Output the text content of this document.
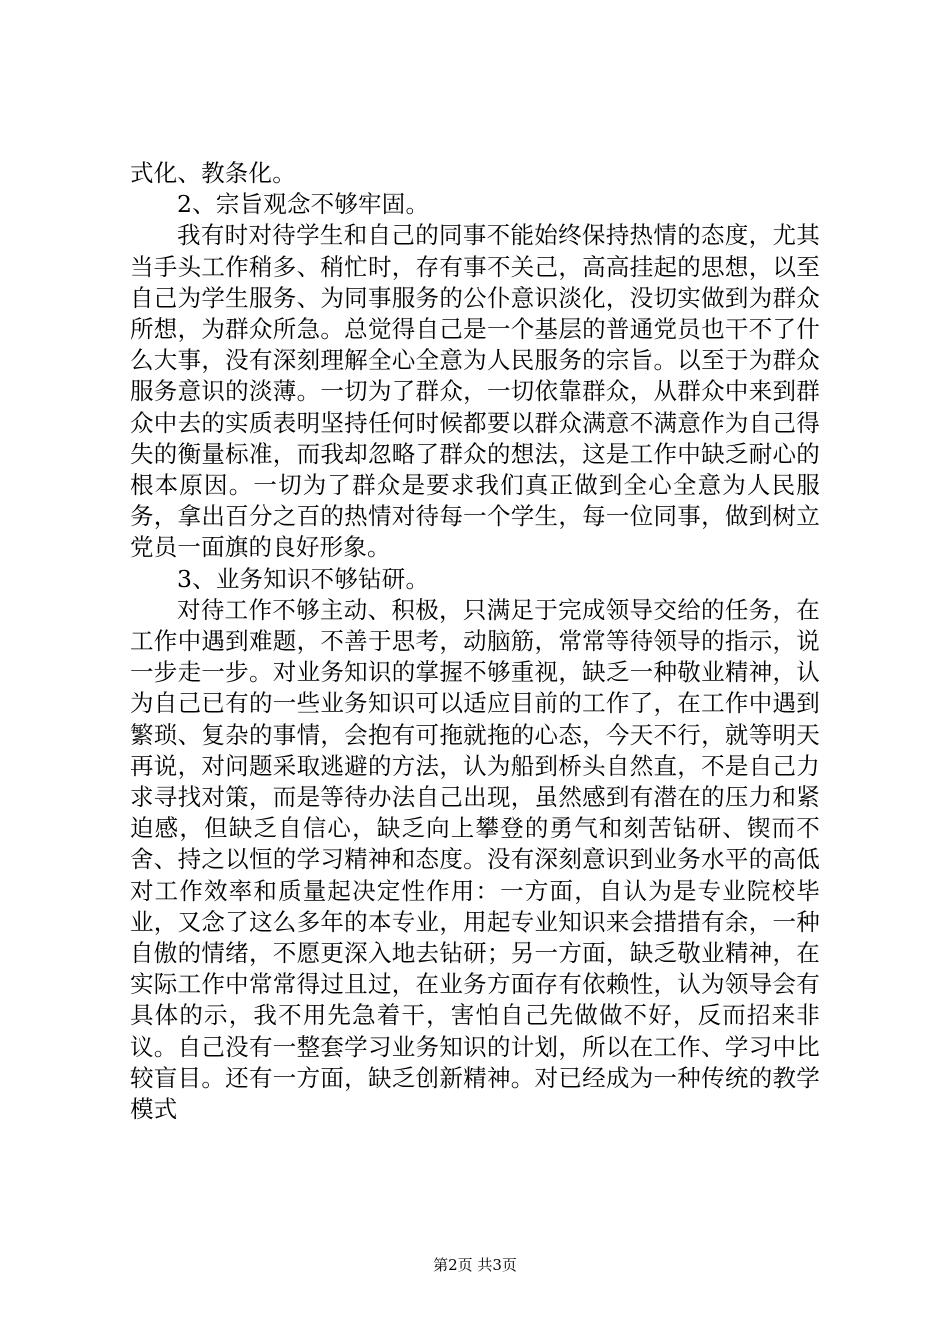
式化、教条化。

2、宗旨观念不够牢固。

我有时对待学生和自己的同事不能始终保持热情的态度，尤其当手头工作稍多、稍忙时，存有事不关己，高高挂起的思想，以至自己为学生服务、为同事服务的公仆意识淡化，没切实做到为群众所想，为群众所急。总觉得自己是一个基层的普通党员也干不了什么大事，没有深刻理解全心全意为人民服务的宗旨。以至于为群众服务意识的淡薄。一切为了群众，一切依靠群众，从群众中来到群众中去的实质表明坚持任何时候都要以群众满意不满意作为自己得失的衡量标准，而我却忽略了群众的想法，这是工作中缺乏耐心的根本原因。一切为了群众是要求我们真正做到全心全意为人民服务，拿出百分之百的热情对待每一个学生，每一位同事，做到树立党员一面旗的良好形象。

3、业务知识不够钻研。

对待工作不够主动、积极，只满足于完成领导交给的任务，在工作中遇到难题，不善于思考，动脑筋，常常等待领导的指示，说一步走一步。对业务知识的掌握不够重视，缺乏一种敬业精神，认为自己已有的一些业务知识可以适应目前的工作了，在工作中遇到繁琐、复杂的事情，会抱有可拖就拖的心态，今天不行，就等明天再说，对问题采取逃避的方法，认为船到桥头自然直，不是自己力求寻找对策，而是等待办法自己出现，虽然感到有潜在的压力和紧迫感，但缺乏自信心，缺乏向上攀登的勇气和刻苦钻研、锲而不舍、持之以恒的学习精神和态度。没有深刻意识到业务水平的高低对工作效率和质量起决定性作用：一方面，自认为是专业院校毕业，又念了这么多年的本专业，用起专业知识来会措措有余，一种自傲的情绪，不愿更深入地去钻研；另一方面，缺乏敬业精神，在实际工作中常常得过且过，在业务方面存有依赖性，认为领导会有具体的示，我不用先急着干，害怕自己先做做不好，反而招来非议。自己没有一整套学习业务知识的计划，所以在工作、学习中比较盲目。还有一方面，缺乏创新精神。对已经成为一种传统的教学模式

第2页 共3页
